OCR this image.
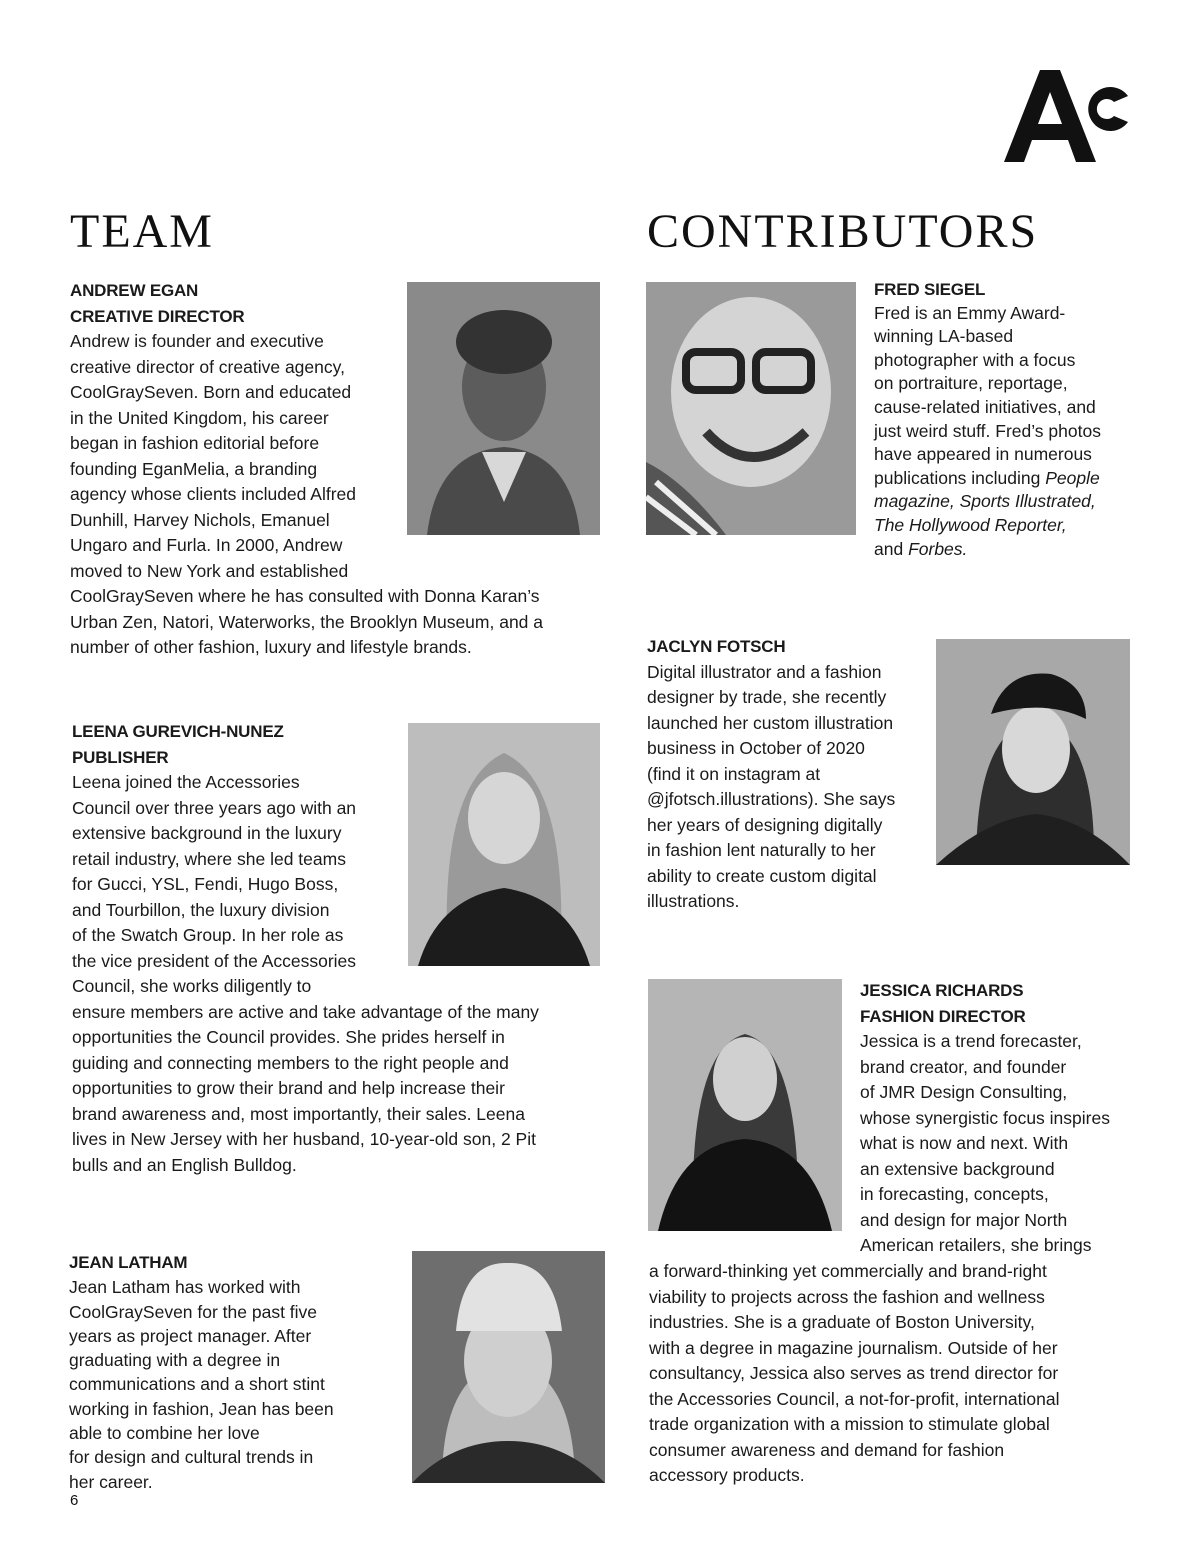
TEAM	CONTRIBUTORS

ANDREW EGAN

CREATIVE DIRECTOR

Andrew is founder and executive

creative director of creative agency,

CoolGraySeven. Born and educated

in the United Kingdom, his career

began in fashion editorial before

founding EganMelia, a branding

agency whose clients included Alfred

Dunhill, Harvey Nichols, Emanuel

Ungaro and Furla. In 2000, Andrew

moved to New York and established

CoolGraySeven where he has consulted with Donna Karan’s

Urban Zen, Natori, Waterworks, the Brooklyn Museum, and a

number of other fashion, luxury and lifestyle brands.

LEENA GUREVICH-NUNEZ

PUBLISHER

Leena joined the Accessories

Council over three years ago with an

extensive background in the luxury

retail industry, where she led teams

for Gucci, YSL, Fendi, Hugo Boss,

and Tourbillon, the luxury division

of the Swatch Group. In her role as

the vice president of the Accessories

Council, she works diligently to

ensure members are active and take advantage of the many

opportunities the Council provides. She prides herself in

guiding and connecting members to the right people and

opportunities to grow their brand and help increase their

brand awareness and, most importantly, their sales. Leena

lives in New Jersey with her husband, 10-year-old son, 2 Pit

bulls and an English Bulldog.

JEAN LATHAM

Jean Latham has worked with

CoolGraySeven for the past five

years as project manager. After

graduating with a degree in

communications and a short stint

working in fashion, Jean has been

able to combine her love

for design and cultural trends in

her career.

FRED SIEGEL

Fred is an Emmy Award-

winning LA-based

photographer with a focus

on portraiture, reportage,

cause-related initiatives, and

just weird stuff. Fred’s photos

have appeared in numerous

publications including People

magazine, Sports Illustrated,

The Hollywood Reporter,

and Forbes.

JACLYN FOTSCH

Digital illustrator and a fashion

designer by trade, she recently

launched her custom illustration

business in October of 2020

(find it on instagram at

@jfotsch.illustrations). She says

her years of designing digitally

in fashion lent naturally to her

ability to create custom digital

illustrations.

JESSICA RICHARDS

FASHION DIRECTOR

Jessica is a trend forecaster,

brand creator, and founder

of JMR Design Consulting,

whose synergistic focus inspires

what is now and next. With

an extensive background

in forecasting, concepts,

and design for major North

American retailers, she brings

a forward-thinking yet commercially and brand-right

viability to projects across the fashion and wellness

industries. She is a graduate of Boston University,

with a degree in magazine journalism. Outside of her

consultancy, Jessica also serves as trend director for

the Accessories Council, a not-for-profit, international

trade organization with a mission to stimulate global

consumer awareness and demand for fashion

accessory products.

6
